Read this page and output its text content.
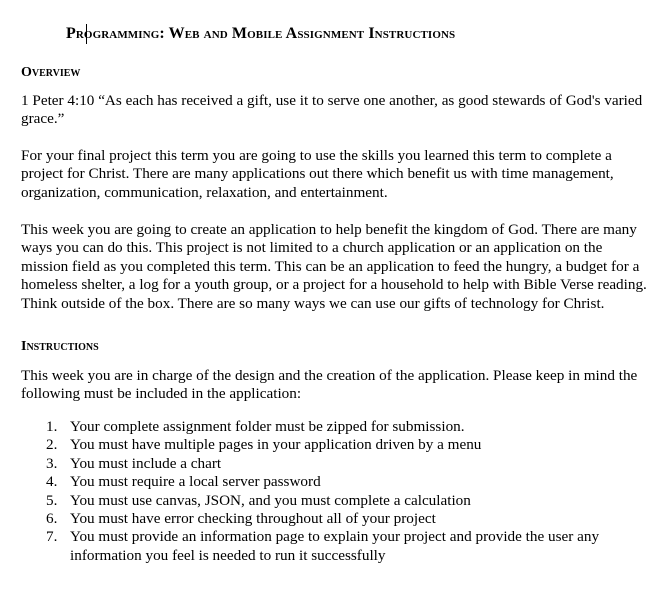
Programming: Web and Mobile Assignment Instructions
Overview

1 Peter 4:10 “As each has received a gift, use it to serve one another, as good stewards of God's varied grace.”

For your final project this term you are going to use the skills you learned this term to complete a project for Christ. There are many applications out there which benefit us with time management, organization, communication, relaxation, and entertainment.

This week you are going to create an application to help benefit the kingdom of God. There are many ways you can do this. This project is not limited to a church application or an application on the mission field as you completed this term. This can be an application to feed the hungry, a budget for a homeless shelter, a log for a youth group, or a project for a household to help with Bible Verse reading. Think outside of the box. There are so many ways we can use our gifts of technology for Christ.

Instructions

This week you are in charge of the design and the creation of the application. Please keep in mind the following must be included in the application:

1. Your complete assignment folder must be zipped for submission.
2. You must have multiple pages in your application driven by a menu
3. You must include a chart
4. You must require a local server password
5. You must use canvas, JSON, and you must complete a calculation
6. You must have error checking throughout all of your project
7. You must provide an information page to explain your project and provide the user any information you feel is needed to run it successfully
